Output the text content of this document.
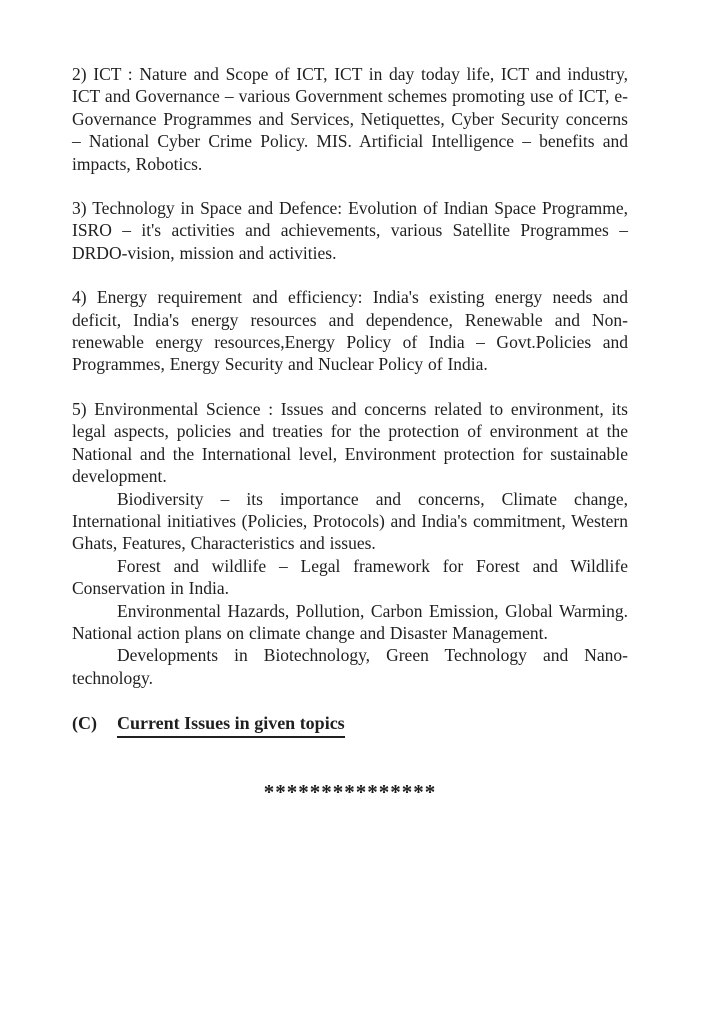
2) ICT : Nature and Scope of ICT, ICT in day today life, ICT and industry, ICT and Governance – various Government schemes promoting use of ICT, e-Governance Programmes and Services, Netiquettes, Cyber Security concerns – National Cyber Crime Policy. MIS. Artificial Intelligence – benefits and impacts, Robotics.

3) Technology in Space and Defence: Evolution of Indian Space Programme, ISRO – it's activities and achievements, various Satellite Programmes – DRDO-vision, mission and activities.

4) Energy requirement and efficiency: India's existing energy needs and deficit, India's energy resources and dependence, Renewable and Non-renewable energy resources,Energy Policy of India – Govt.Policies and Programmes, Energy Security and Nuclear Policy of India.

5) Environmental Science : Issues and concerns related to environment, its legal aspects, policies and treaties for the protection of environment at the National and the International level, Environment protection for sustainable development.

Biodiversity – its importance and concerns, Climate change, International initiatives (Policies, Protocols) and India's commitment, Western Ghats, Features, Characteristics and issues.

Forest and wildlife – Legal framework for Forest and Wildlife Conservation in India.

Environmental Hazards, Pollution, Carbon Emission, Global Warming. National action plans on climate change and Disaster Management.

Developments in Biotechnology, Green Technology and Nano-technology.

(C) Current Issues in given topics

***************
